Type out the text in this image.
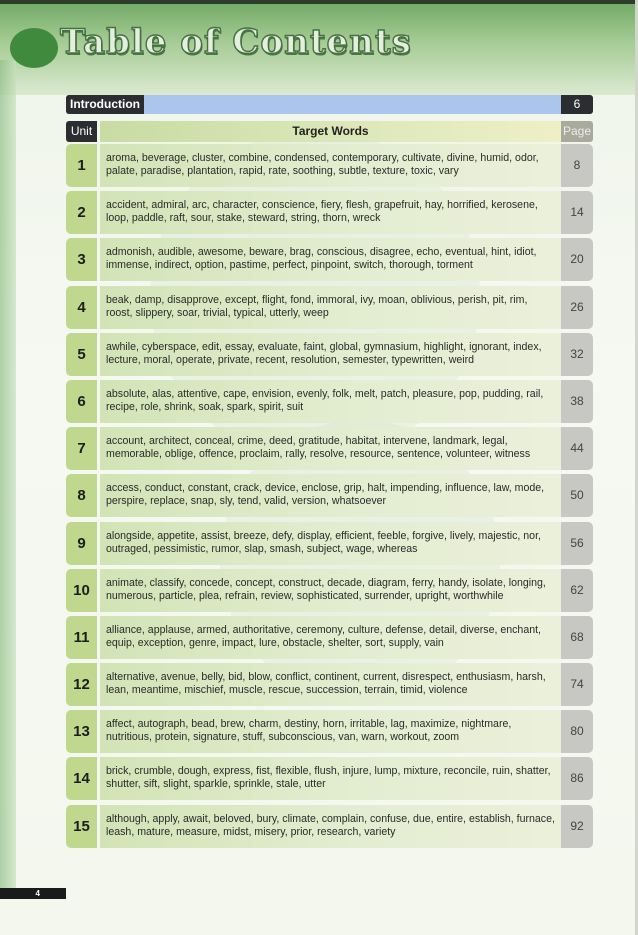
Table of Contents
Introduction	6
Unit	Target Words	Page
1	aroma, beverage, cluster, combine, condensed, contemporary, cultivate, divine, humid, odor, palate, paradise, plantation, rapid, rate, soothing, subtle, texture, toxic, vary	8
2	accident, admiral, arc, character, conscience, fiery, flesh, grapefruit, hay, horrified, kerosene, loop, paddle, raft, sour, stake, steward, string, thorn, wreck	14
3	admonish, audible, awesome, beware, brag, conscious, disagree, echo, eventual, hint, idiot, immense, indirect, option, pastime, perfect, pinpoint, switch, thorough, torment	20
4	beak, damp, disapprove, except, flight, fond, immoral, ivy, moan, oblivious, perish, pit, rim, roost, slippery, soar, trivial, typical, utterly, weep	26
5	awhile, cyberspace, edit, essay, evaluate, faint, global, gymnasium, highlight, ignorant, index, lecture, moral, operate, private, recent, resolution, semester, typewritten, weird	32
6	absolute, alas, attentive, cape, envision, evenly, folk, melt, patch, pleasure, pop, pudding, rail, recipe, role, shrink, soak, spark, spirit, suit	38
7	account, architect, conceal, crime, deed, gratitude, habitat, intervene, landmark, legal, memorable, oblige, offence, proclaim, rally, resolve, resource, sentence, volunteer, witness	44
8	access, conduct, constant, crack, device, enclose, grip, halt, impending, influence, law, mode, perspire, replace, snap, sly, tend, valid, version, whatsoever	50
9	alongside, appetite, assist, breeze, defy, display, efficient, feeble, forgive, lively, majestic, nor, outraged, pessimistic, rumor, slap, smash, subject, wage, whereas	56
10	animate, classify, concede, concept, construct, decade, diagram, ferry, handy, isolate, longing, numerous, particle, plea, refrain, review, sophisticated, surrender, upright, worthwhile	62
11	alliance, applause, armed, authoritative, ceremony, culture, defense, detail, diverse, enchant, equip, exception, genre, impact, lure, obstacle, shelter, sort, supply, vain	68
12	alternative, avenue, belly, bid, blow, conflict, continent, current, disrespect, enthusiasm, harsh, lean, meantime, mischief, muscle, rescue, succession, terrain, timid, violence	74
13	affect, autograph, bead, brew, charm, destiny, horn, irritable, lag, maximize, nightmare, nutritious, protein, signature, stuff, subconscious, van, warn, workout, zoom	80
14	brick, crumble, dough, express, fist, flexible, flush, injure, lump, mixture, reconcile, ruin, shatter, shutter, sift, slight, sparkle, sprinkle, stale, utter	86
15	although, apply, await, beloved, bury, climate, complain, confuse, due, entire, establish, furnace, leash, mature, measure, midst, misery, prior, research, variety	92
4
